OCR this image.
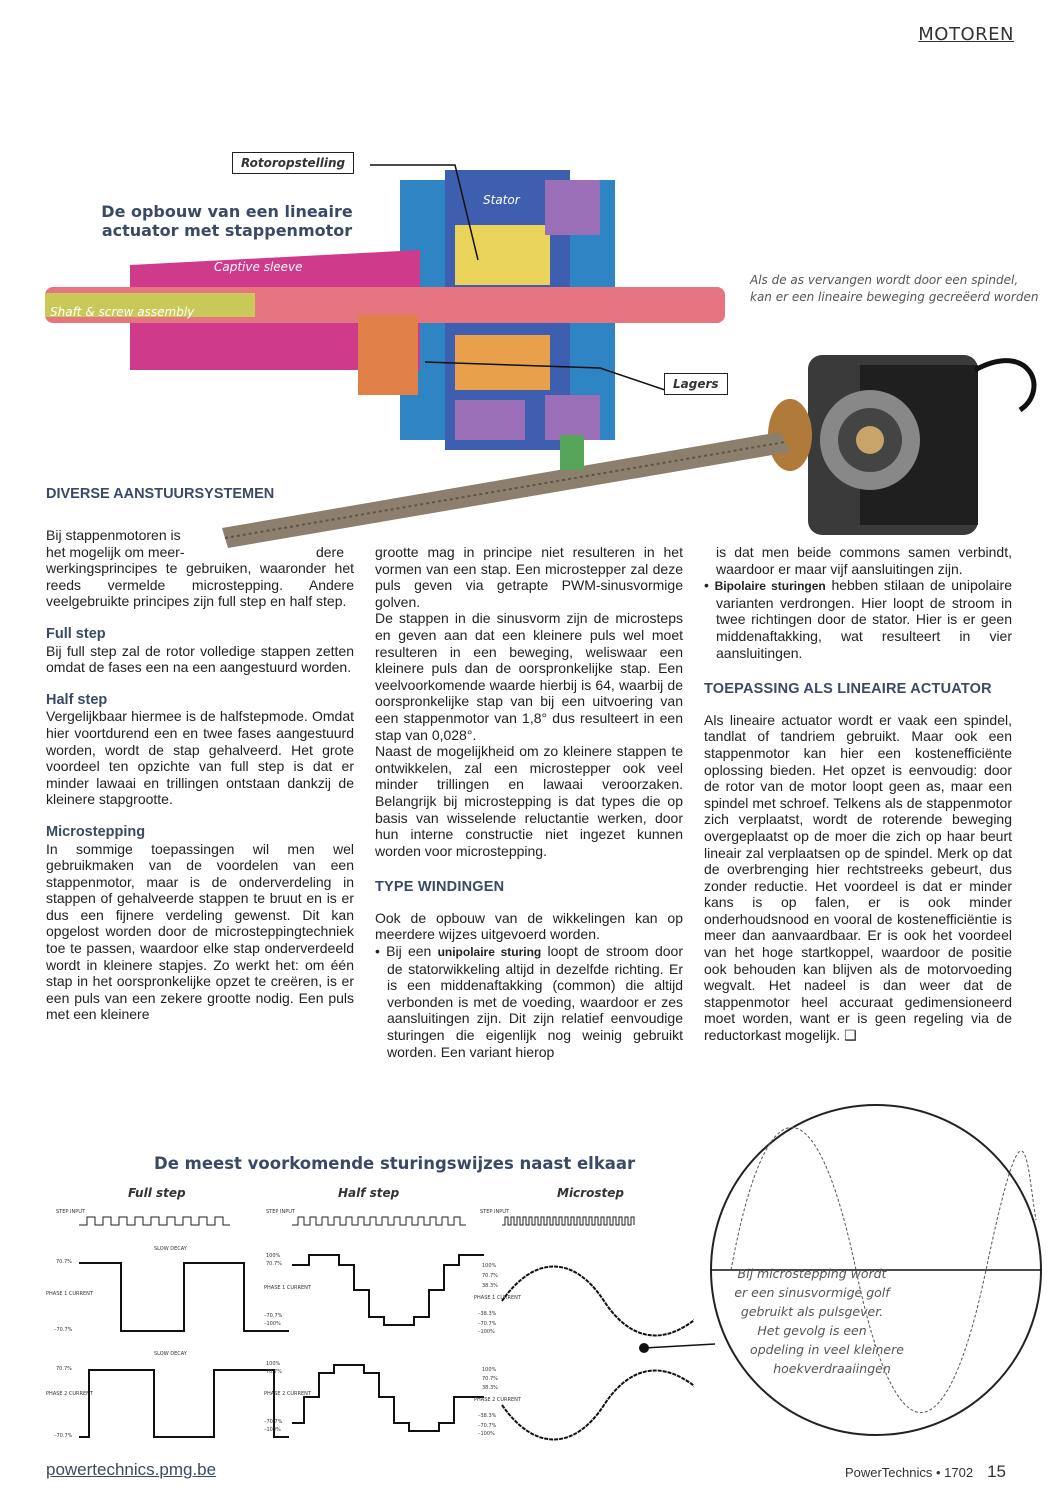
MOTOREN
De opbouw van een lineaire
actuator met stappenmotor
Rotoropstelling
Lagers
Stator
Captive sleeve
Shaft & screw assembly
Als de as vervangen wordt door een spindel,
kan er een lineaire beweging gecreëerd worden
DIVERSE AANSTUURSYSTEMEN

Bij stappenmotoren is

het mogelijk om meer-	dere

werkingsprincipes te gebruiken, waaronder het reeds vermelde microstepping. Andere veelgebruikte principes zijn full step en half step.

Full step

Bij full step zal de rotor volledige stappen zetten omdat de fases een na een aangestuurd worden.

Half step

Vergelijkbaar hiermee is de halfstepmode. Omdat hier voortdurend een en twee fases aangestuurd worden, wordt de stap gehalveerd. Het grote voordeel ten opzichte van full step is dat er minder lawaai en trillingen ontstaan dankzij de kleinere stapgrootte.

Microstepping

In sommige toepassingen wil men wel gebruikmaken van de voordelen van een stappenmotor, maar is de onderverdeling in stappen of gehalveerde stappen te bruut en is er dus een fijnere verdeling gewenst. Dit kan opgelost worden door de microsteppingtechniek toe te passen, waardoor elke stap onderverdeeld wordt in kleinere stapjes. Zo werkt het: om één stap in het oorspronkelijke opzet te creëren, is er een puls van een zekere grootte nodig. Een puls met een kleinere

grootte mag in principe niet resulteren in het vormen van een stap. Een microstepper zal deze puls geven via getrapte PWM-sinusvormige golven.

De stappen in die sinusvorm zijn de microsteps en geven aan dat een kleinere puls wel moet resulteren in een beweging, weliswaar een kleinere puls dan de oorspronkelijke stap. Een veelvoorkomende waarde hierbij is 64, waarbij de oorspronkelijke stap van bij een uitvoering van een stappenmotor van 1,8° dus resulteert in een stap van 0,028°.

Naast de mogelijkheid om zo kleinere stappen te ontwikkelen, zal een microstepper ook veel minder trillingen en lawaai veroorzaken. Belangrijk bij microstepping is dat types die op basis van wisselende reluctantie werken, door hun interne constructie niet ingezet kunnen worden voor microstepping.

TYPE WINDINGEN

Ook de opbouw van de wikkelingen kan op meerdere wijzes uitgevoerd worden.

• Bij een unipolaire sturing loopt de stroom door de statorwikkeling altijd in dezelfde richting. Er is een middenaftakking (common) die altijd verbonden is met de voeding, waardoor er zes aansluitingen zijn. Dit zijn relatief eenvoudige sturingen die eigenlijk nog weinig gebruikt worden. Een variant hierop

is dat men beide commons samen verbindt, waardoor er maar vijf aansluitingen zijn.

• Bipolaire sturingen hebben stilaan de unipolaire varianten verdrongen. Hier loopt de stroom in twee richtingen door de stator. Hier is er geen middenaftakking, wat resulteert in vier aansluitingen.
TOEPASSING ALS LINEAIRE ACTUATOR

Als lineaire actuator wordt er vaak een spindel, tandlat of tandriem gebruikt. Maar ook een stappenmotor kan hier een kostenefficiënte oplossing bieden. Het opzet is eenvoudig: door de rotor van de motor loopt geen as, maar een spindel met schroef. Telkens als de stappenmotor zich verplaatst, wordt de roterende beweging overgeplaatst op de moer die zich op haar beurt lineair zal verplaatsen op de spindel. Merk op dat de overbrenging hier rechtstreeks gebeurt, dus zonder reductie. Het voordeel is dat er minder kans is op falen, er is ook minder onderhoudsnood en vooral de kostenefficiëntie is meer dan aanvaardbaar. Er is ook het voordeel van het hoge startkoppel, waardoor de positie ook behouden kan blijven als de motorvoeding wegvalt. Het nadeel is dan weer dat de stappenmotor heel accuraat gedimensioneerd moet worden, want er is geen regeling via de reductorkast mogelijk. ❑

De meest voorkomende sturingswijzes naast elkaar
Full step	Half step	Microstep
STEP INPUT
SLOW DECAY
70.7%
PHASE 1 CURRENT
–70.7%
SLOW DECAY
70.7%
PHASE 2 CURRENT
–70.7%
STEP INPUT
100%
70.7%
PHASE 1 CURRENT
–70.7%
–100%
100%
70.7%
PHASE 2 CURRENT
–70.7%
–100%
STEP INPUT
100%
70.7%
38.3%
PHASE 1 CURRENT
–38.3%
–70.7%
–100%
100%
70.7%
38.3%
PHASE 2 CURRENT
–38.3%
–70.7%
–100%
Bij microstepping wordt
er een sinusvormige golf
gebruikt als pulsgever.
Het gevolg is een
opdeling in veel kleinere
hoekverdraaiingen
powertechnics.pmg.be	PowerTechnics • 1702 15
